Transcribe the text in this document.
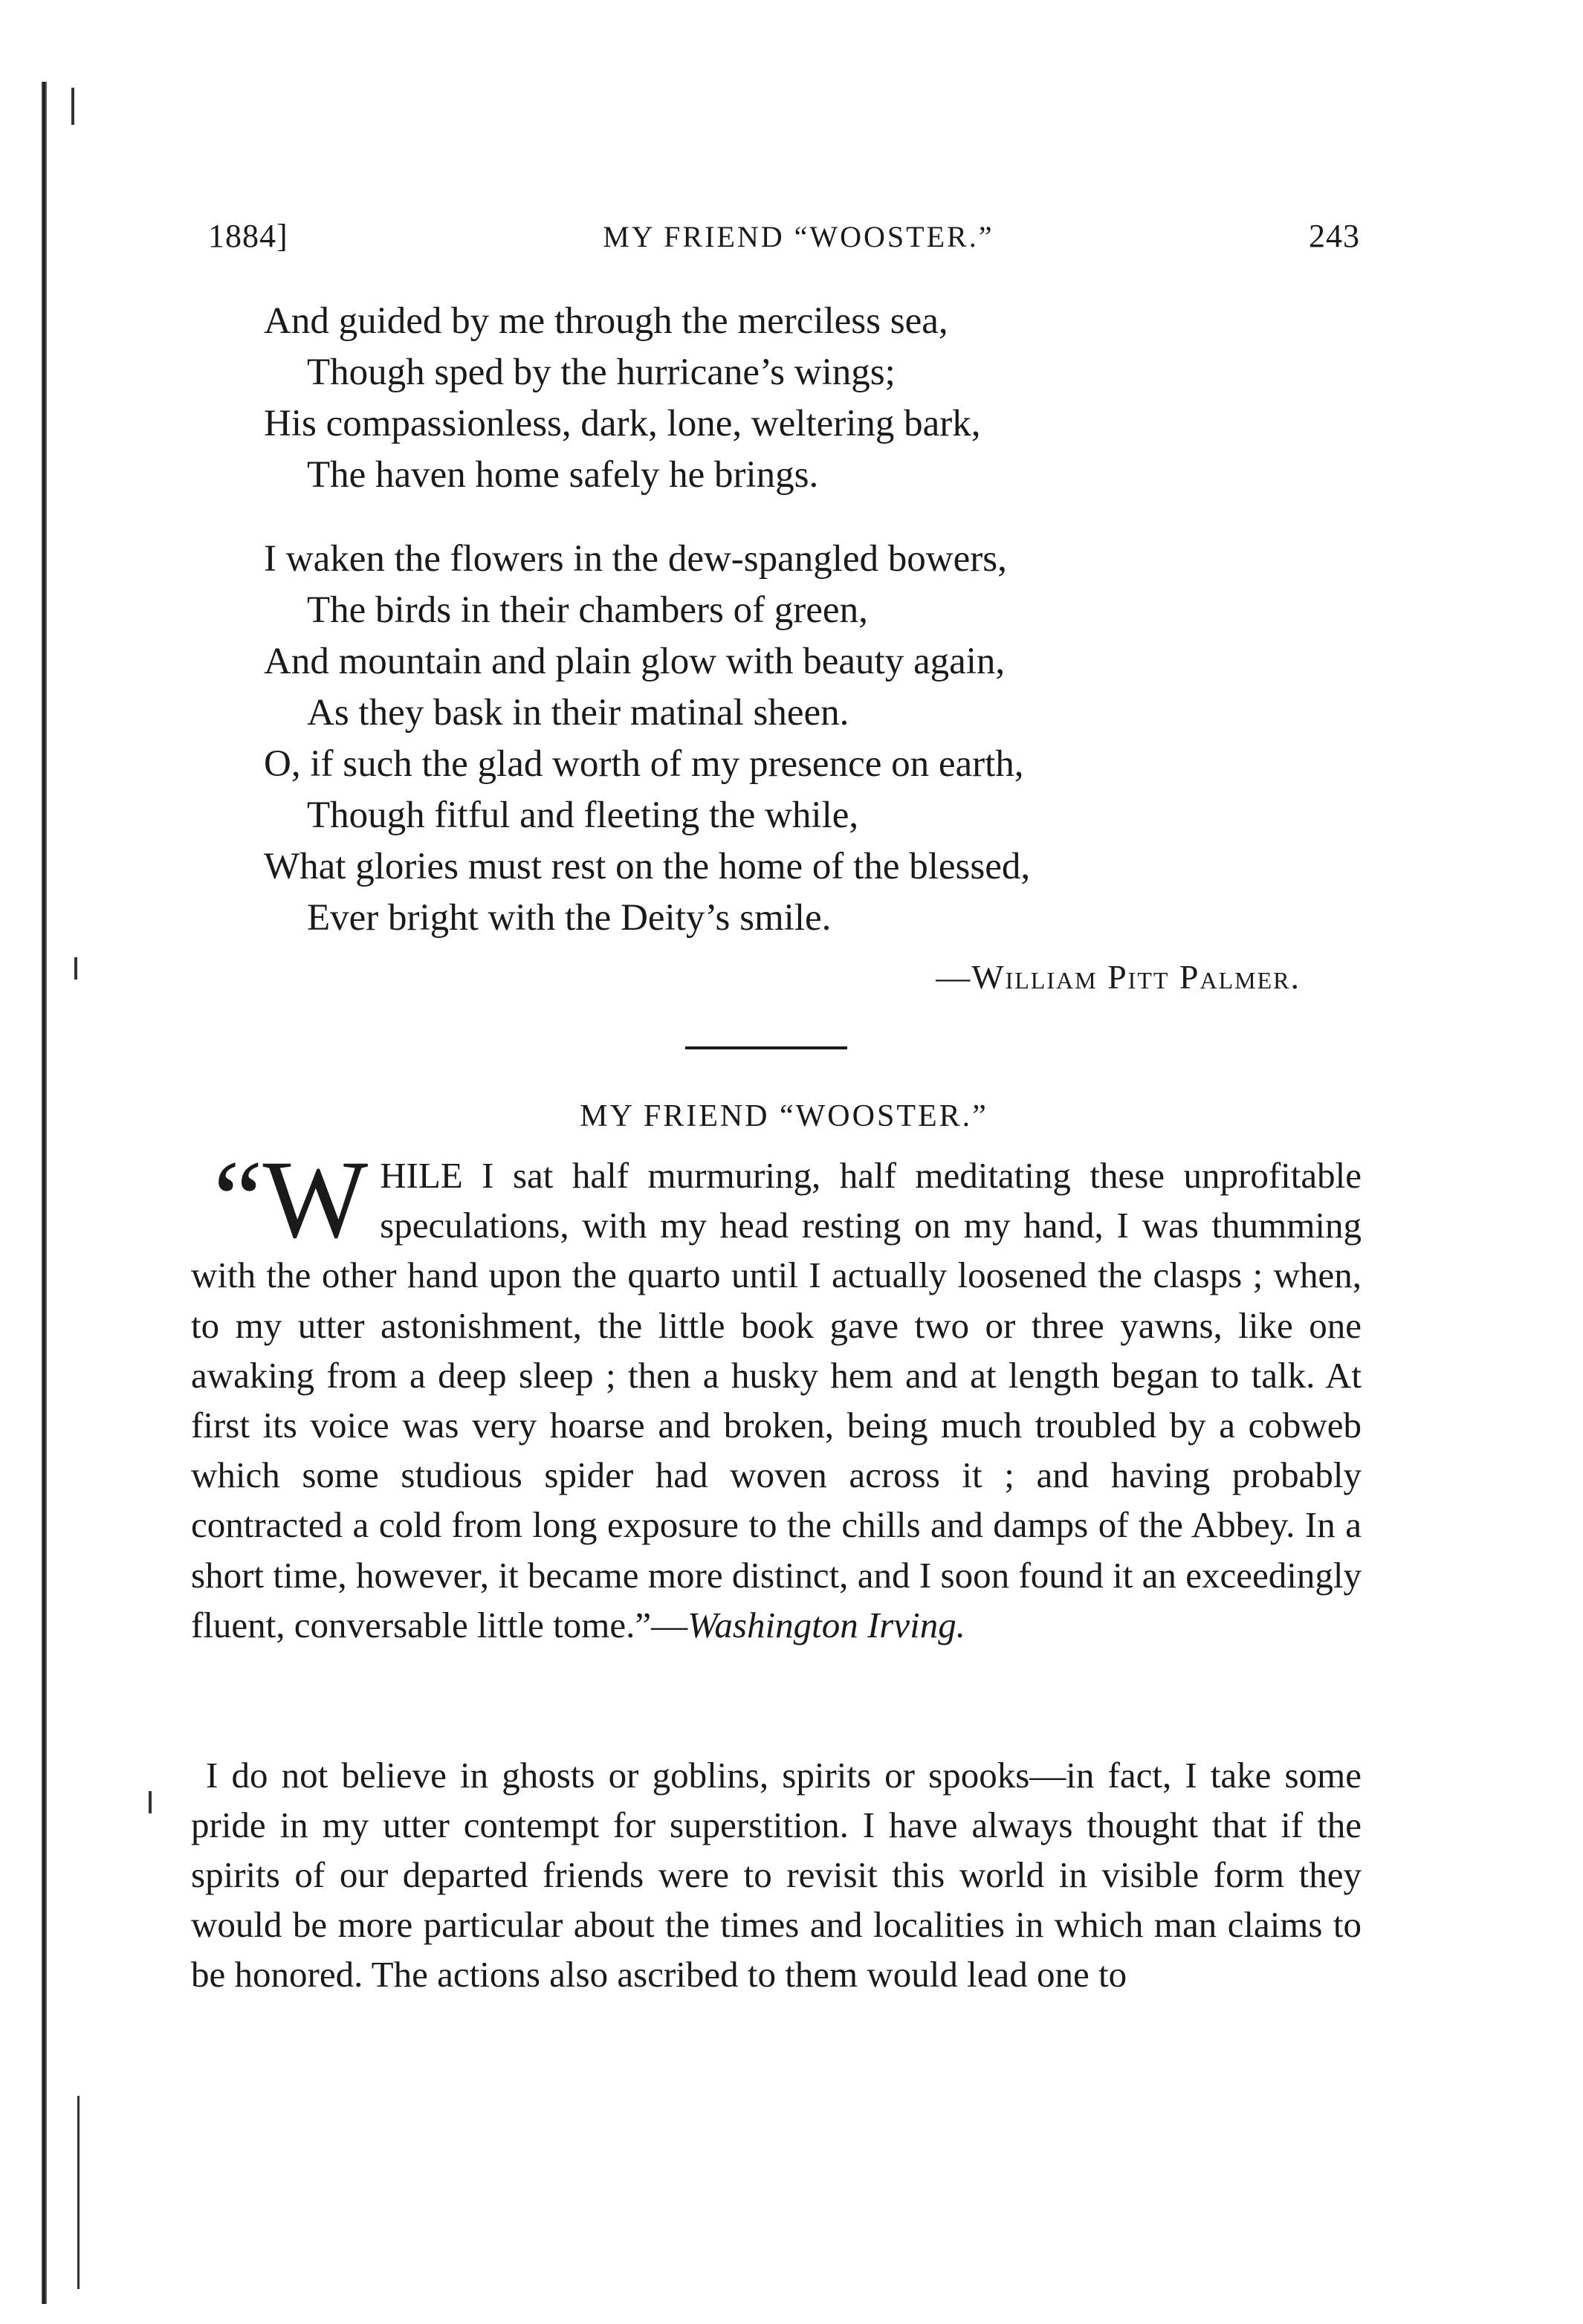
1884]	MY FRIEND “WOOSTER.”	243
And guided by me through the merciless sea,
Though sped by the hurricane’s wings;
His compassionless, dark, lone, weltering bark,
The haven home safely he brings.
I waken the flowers in the dew-spangled bowers,
The birds in their chambers of green,
And mountain and plain glow with beauty again,
As they bask in their matinal sheen.
O, if such the glad worth of my presence on earth,
Though fitful and fleeting the while,
What glories must rest on the home of the blessed,
Ever bright with the Deity’s smile.
—William Pitt Palmer.
MY FRIEND “WOOSTER.”
“W HILE I sat half murmuring, half meditating these unprofitable speculations, with my head resting on my hand, I was thumming with the other hand upon the quarto until I actually loosened the clasps ; when, to my utter astonishment, the little book gave two or three yawns, like one awaking from a deep sleep ; then a husky hem and at length began to talk. At first its voice was very hoarse and broken, being much troubled by a cobweb which some studious spider had woven across it ; and having probably contracted a cold from long exposure to the chills and damps of the Abbey. In a short time, however, it became more distinct, and I soon found it an exceedingly fluent, conversable little tome.”—Washington Irving.
I do not believe in ghosts or goblins, spirits or spooks—in fact, I take some pride in my utter contempt for superstition. I have always thought that if the spirits of our departed friends were to revisit this world in visible form they would be more particular about the times and localities in which man claims to be honored. The actions also ascribed to them would lead one to
